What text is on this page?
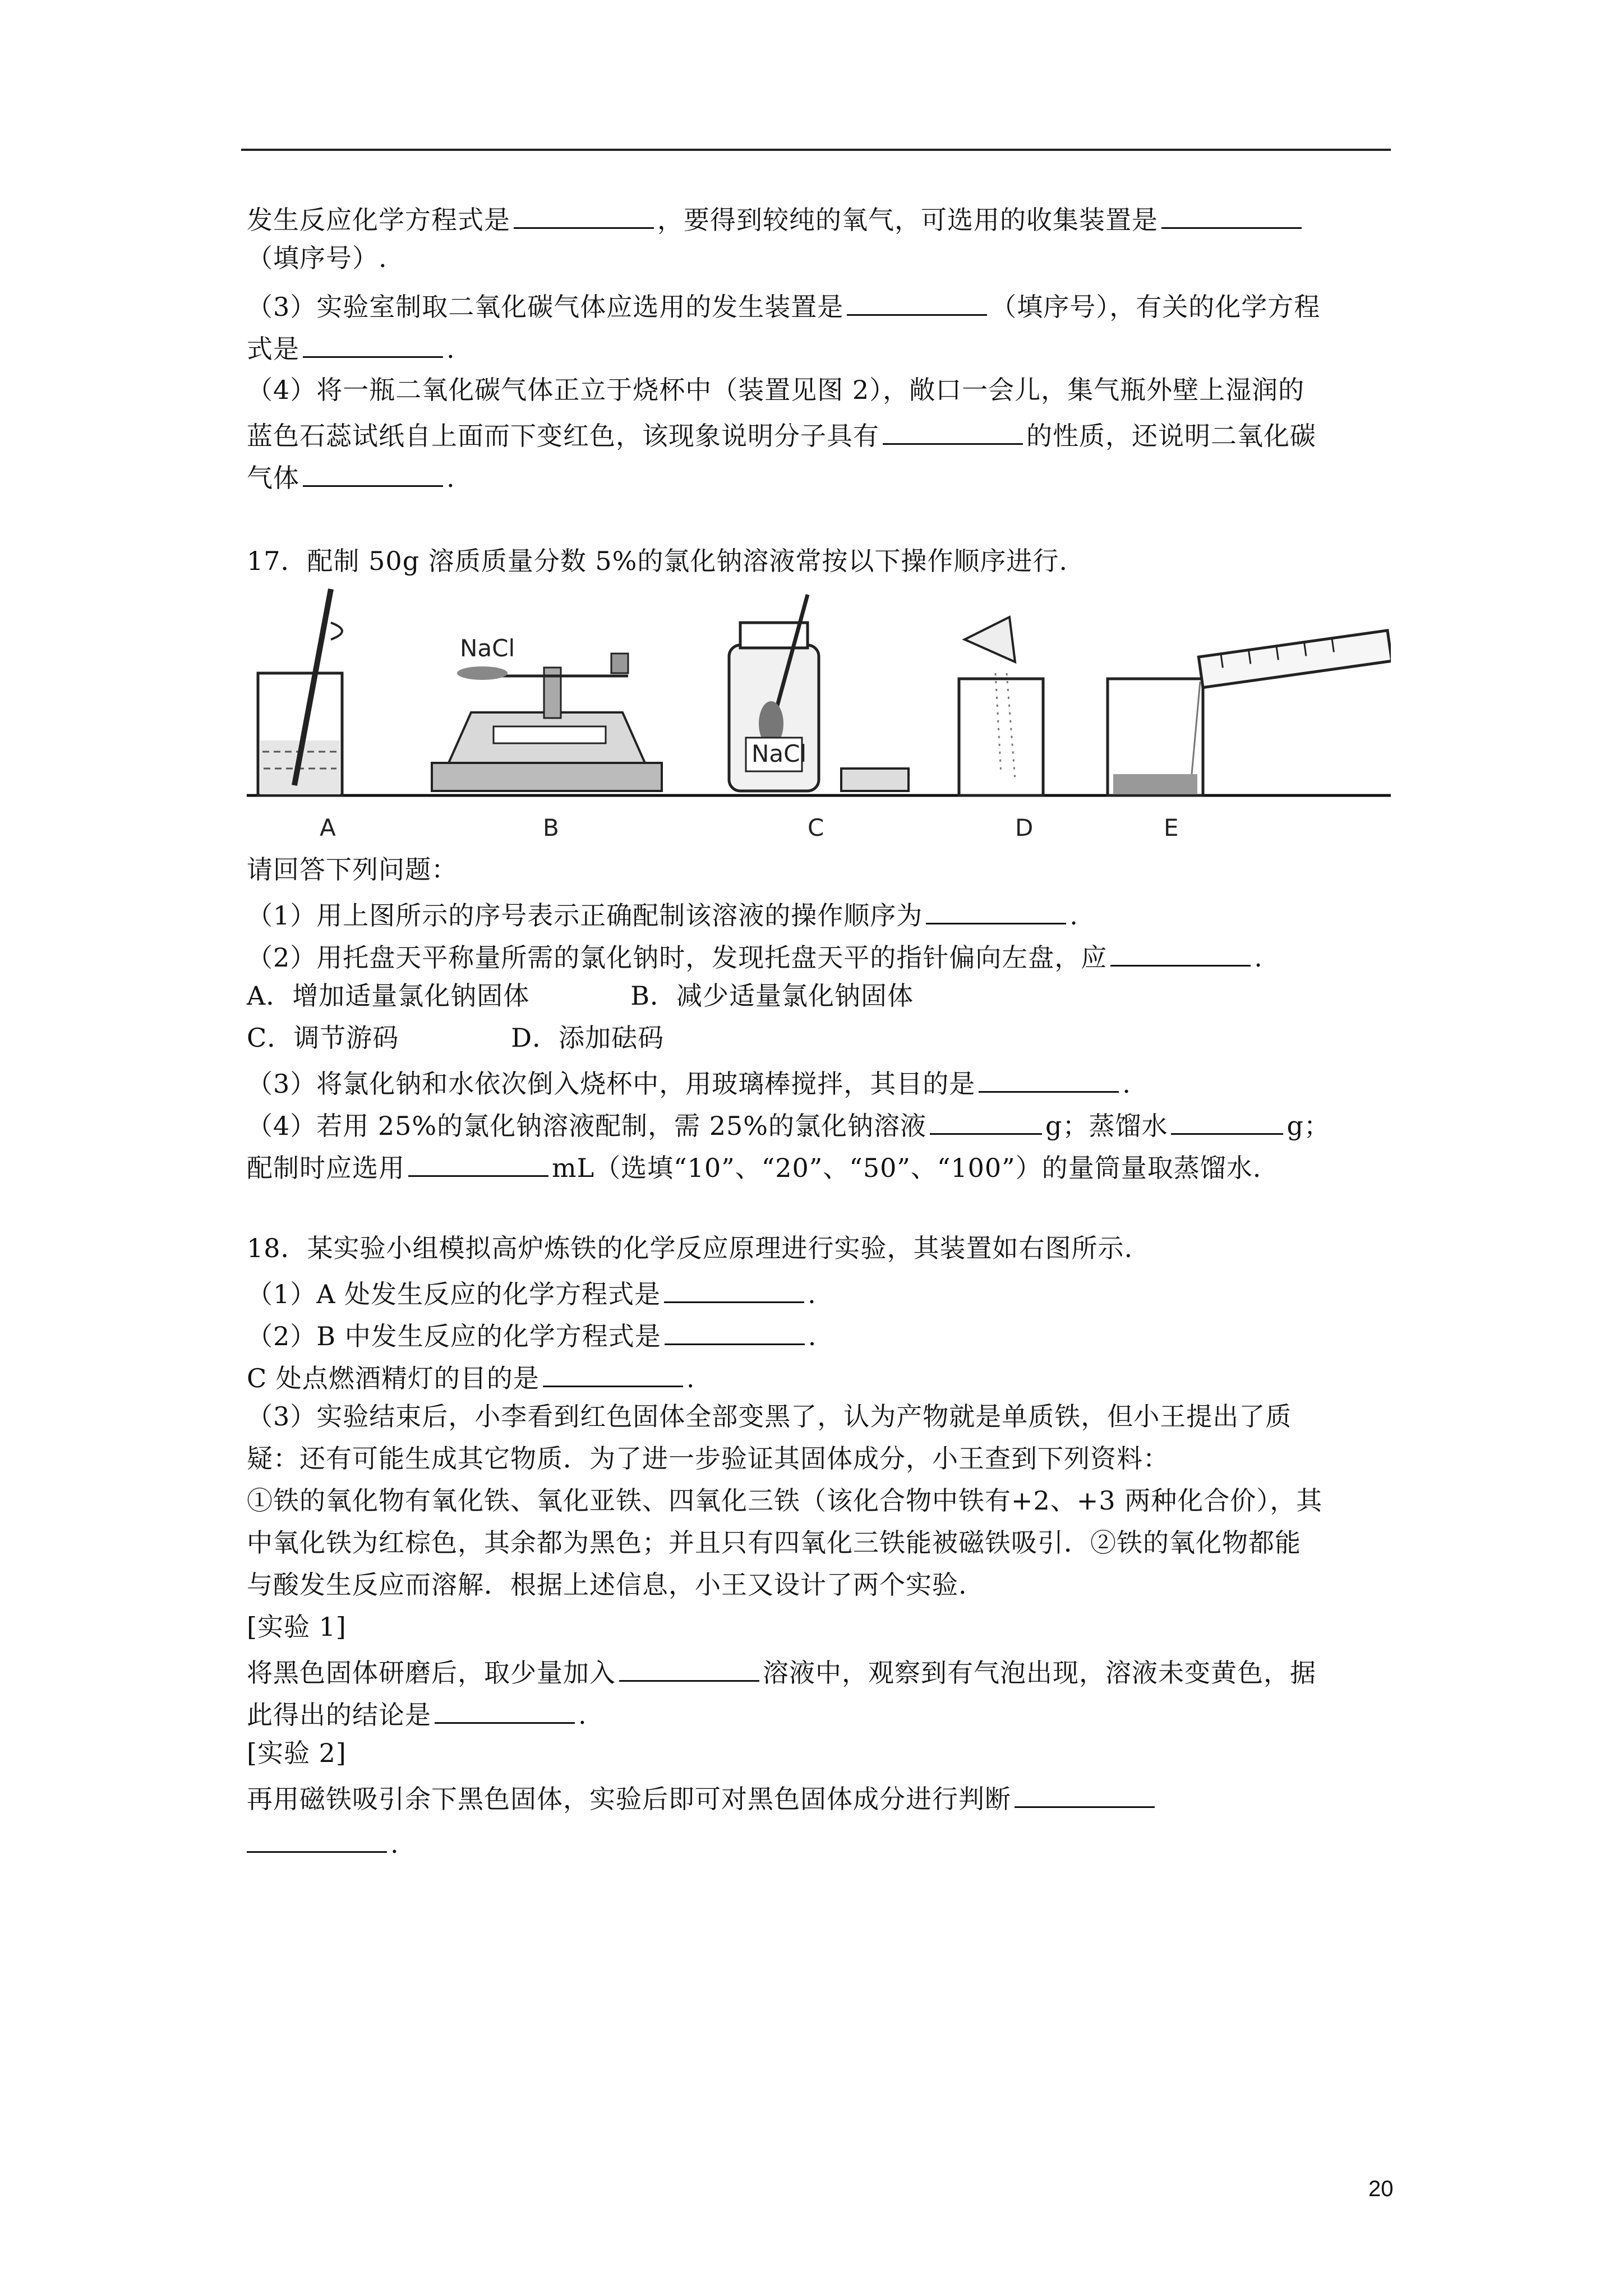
发生反应化学方程式是	，要得到较纯的氧气，可选用的收集装置是
（填序号）.
（3）实验室制取二氧化碳气体应选用的发生装置是	（填序号），有关的化学方程
式是	.
（4）将一瓶二氧化碳气体正立于烧杯中（装置见图 2），敞口一会儿，集气瓶外壁上湿润的
蓝色石蕊试纸自上面而下变红色，该现象说明分子具有	的性质，还说明二氧化碳
气体	.
17．配制 50g 溶质质量分数 5%的氯化钠溶液常按以下操作顺序进行.
A
NaCl
B
NaCl
C	D	E
请回答下列问题：
（1）用上图所示的序号表示正确配制该溶液的操作顺序为	.
（2）用托盘天平称量所需的氯化钠时，发现托盘天平的指针偏向左盘，应	.
A．增加适量氯化钠固体	B．减少适量氯化钠固体
C．调节游码	D．添加砝码
（3）将氯化钠和水依次倒入烧杯中，用玻璃棒搅拌，其目的是	.
（4）若用 25%的氯化钠溶液配制，需 25%的氯化钠溶液	g；蒸馏水	g；
配制时应选用	mL（选填“10”、“20”、“50”、“100”）的量筒量取蒸馏水.
18．某实验小组模拟高炉炼铁的化学反应原理进行实验，其装置如右图所示.
（1）A 处发生反应的化学方程式是	.
（2）B 中发生反应的化学方程式是	.
C 处点燃酒精灯的目的是	.
（3）实验结束后，小李看到红色固体全部变黑了，认为产物就是单质铁，但小王提出了质
疑：还有可能生成其它物质．为了进一步验证其固体成分，小王查到下列资料：
①铁的氧化物有氧化铁、氧化亚铁、四氧化三铁（该化合物中铁有+2、+3 两种化合价），其
中氧化铁为红棕色，其余都为黑色；并且只有四氧化三铁能被磁铁吸引．②铁的氧化物都能
与酸发生反应而溶解．根据上述信息，小王又设计了两个实验.
[实验 1]
将黑色固体研磨后，取少量加入	溶液中，观察到有气泡出现，溶液未变黄色，据
此得出的结论是	.
[实验 2]
再用磁铁吸引余下黑色固体，实验后即可对黑色固体成分进行判断
.
20
